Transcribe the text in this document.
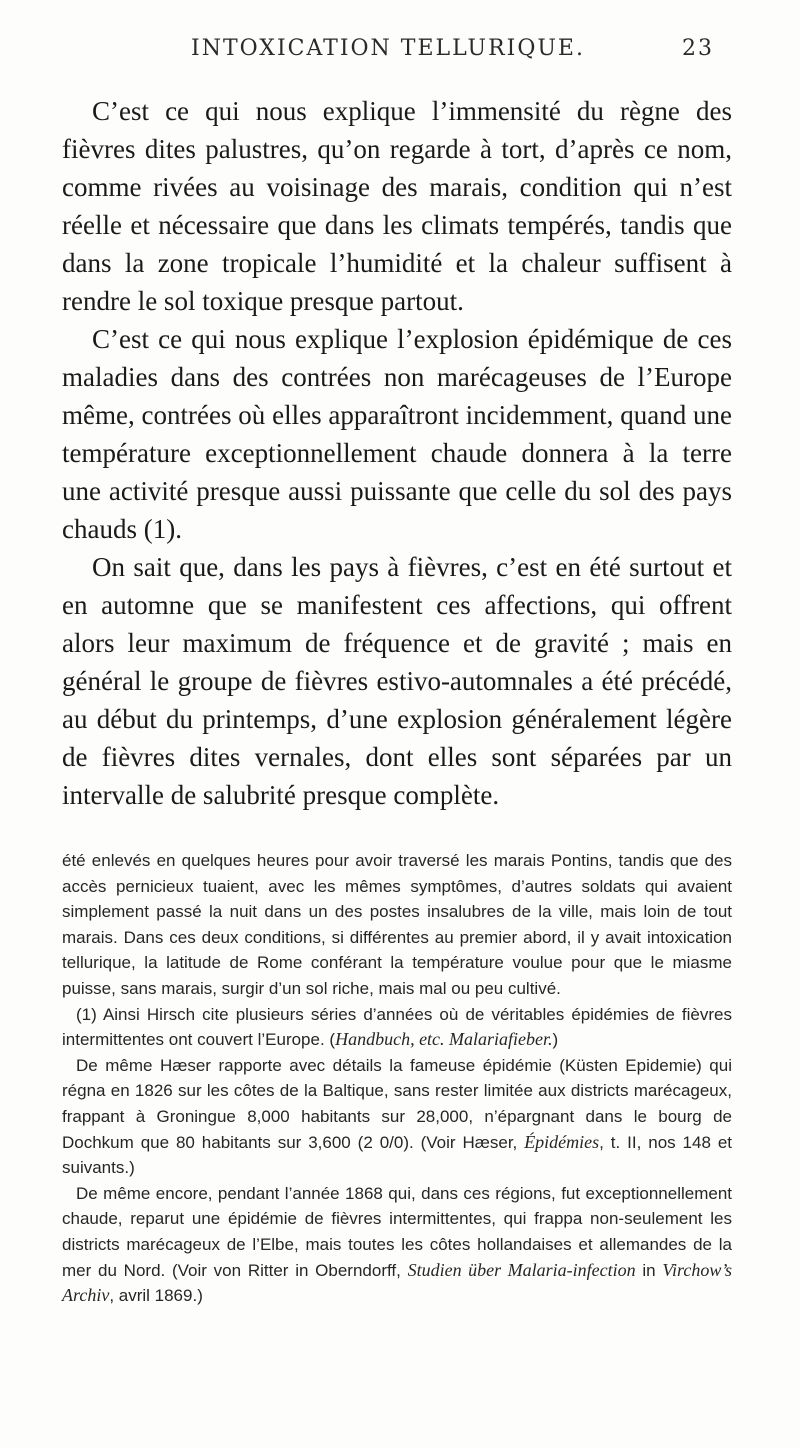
INTOXICATION TELLURIQUE.	23

C’est ce qui nous explique l’immensité du règne des fièvres dites palustres, qu’on regarde à tort, d’après ce nom, comme rivées au voisinage des marais, condition qui n’est réelle et nécessaire que dans les climats tempérés, tandis que dans la zone tropicale l’humidité et la chaleur suffisent à rendre le sol toxique presque partout.

C’est ce qui nous explique l’explosion épidémique de ces maladies dans des contrées non marécageuses de l’Europe même, contrées où elles apparaîtront incidemment, quand une température exceptionnellement chaude donnera à la terre une activité presque aussi puissante que celle du sol des pays chauds (1).

On sait que, dans les pays à fièvres, c’est en été surtout et en automne que se manifestent ces affections, qui offrent alors leur maximum de fréquence et de gravité ; mais en général le groupe de fièvres estivo-automnales a été précédé, au début du printemps, d’une explosion généralement légère de fièvres dites vernales, dont elles sont séparées par un intervalle de salubrité presque complète.

été enlevés en quelques heures pour avoir traversé les marais Pontins, tandis que des accès pernicieux tuaient, avec les mêmes symptômes, d’autres soldats qui avaient simplement passé la nuit dans un des postes insalubres de la ville, mais loin de tout marais. Dans ces deux conditions, si différentes au premier abord, il y avait intoxication tellurique, la latitude de Rome conférant la température voulue pour que le miasme puisse, sans marais, surgir d’un sol riche, mais mal ou peu cultivé.

(1) Ainsi Hirsch cite plusieurs séries d’années où de véritables épidémies de fièvres intermittentes ont couvert l’Europe. (Handbuch, etc. Malariafieber.)

De même Hæser rapporte avec détails la fameuse épidémie (Küsten Epidemie) qui régna en 1826 sur les côtes de la Baltique, sans rester limitée aux districts marécageux, frappant à Groningue 8,000 habitants sur 28,000, n’épargnant dans le bourg de Dochkum que 80 habitants sur 3,600 (2 0/0). (Voir Hæser, Épidémies, t. II, nos 148 et suivants.)

De même encore, pendant l’année 1868 qui, dans ces régions, fut exceptionnellement chaude, reparut une épidémie de fièvres intermittentes, qui frappa non-seulement les districts marécageux de l’Elbe, mais toutes les côtes hollandaises et allemandes de la mer du Nord. (Voir von Ritter in Oberndorff, Studien über Malaria-infection in Virchow’s Archiv, avril 1869.)
